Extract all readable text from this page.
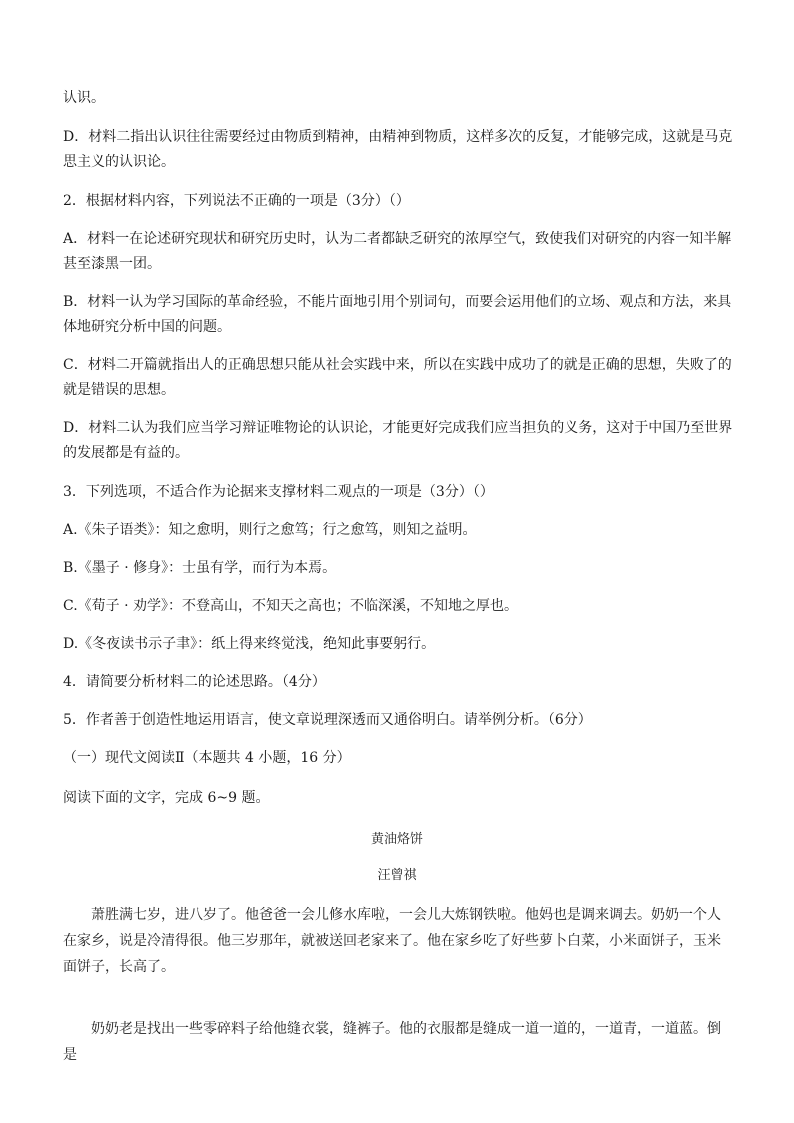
认识。

D．材料二指出认识往往需要经过由物质到精神，由精神到物质，这样多次的反复，才能够完成，这就是马克思主义的认识论。

2．根据材料内容，下列说法不正确的一项是（3分）（）

A．材料一在论述研究现状和研究历史时，认为二者都缺乏研究的浓厚空气，致使我们对研究的内容一知半解甚至漆黑一团。

B．材料一认为学习国际的革命经验，不能片面地引用个别词句，而要会运用他们的立场、观点和方法，来具体地研究分析中国的问题。

C．材料二开篇就指出人的正确思想只能从社会实践中来，所以在实践中成功了的就是正确的思想，失败了的就是错误的思想。

D．材料二认为我们应当学习辩证唯物论的认识论，才能更好完成我们应当担负的义务，这对于中国乃至世界的发展都是有益的。

3．下列选项，不适合作为论据来支撑材料二观点的一项是（3分）（）

A.《朱子语类》：知之愈明，则行之愈笃；行之愈笃，则知之益明。

B.《墨子 · 修身》：士虽有学，而行为本焉。

C.《荀子 · 劝学》：不登高山，不知天之高也；不临深溪，不知地之厚也。

D.《冬夜读书示子聿》：纸上得来终觉浅，绝知此事要躬行。

4．请简要分析材料二的论述思路。（4分）

5．作者善于创造性地运用语言，使文章说理深透而又通俗明白。请举例分析。（6分）

（一）现代文阅读Ⅱ（本题共 4 小题，16 分）

阅读下面的文字，完成 6~9 题。

黄油烙饼

汪曾祺

萧胜满七岁，进八岁了。他爸爸一会儿修水库啦，一会儿大炼钢铁啦。他妈也是调来调去。奶奶一个人在家乡，说是冷清得很。他三岁那年，就被送回老家来了。他在家乡吃了好些萝卜白菜，小米面饼子，玉米面饼子，长高了。

奶奶老是找出一些零碎料子给他缝衣裳，缝裤子。他的衣服都是缝成一道一道的，一道青，一道蓝。倒是
